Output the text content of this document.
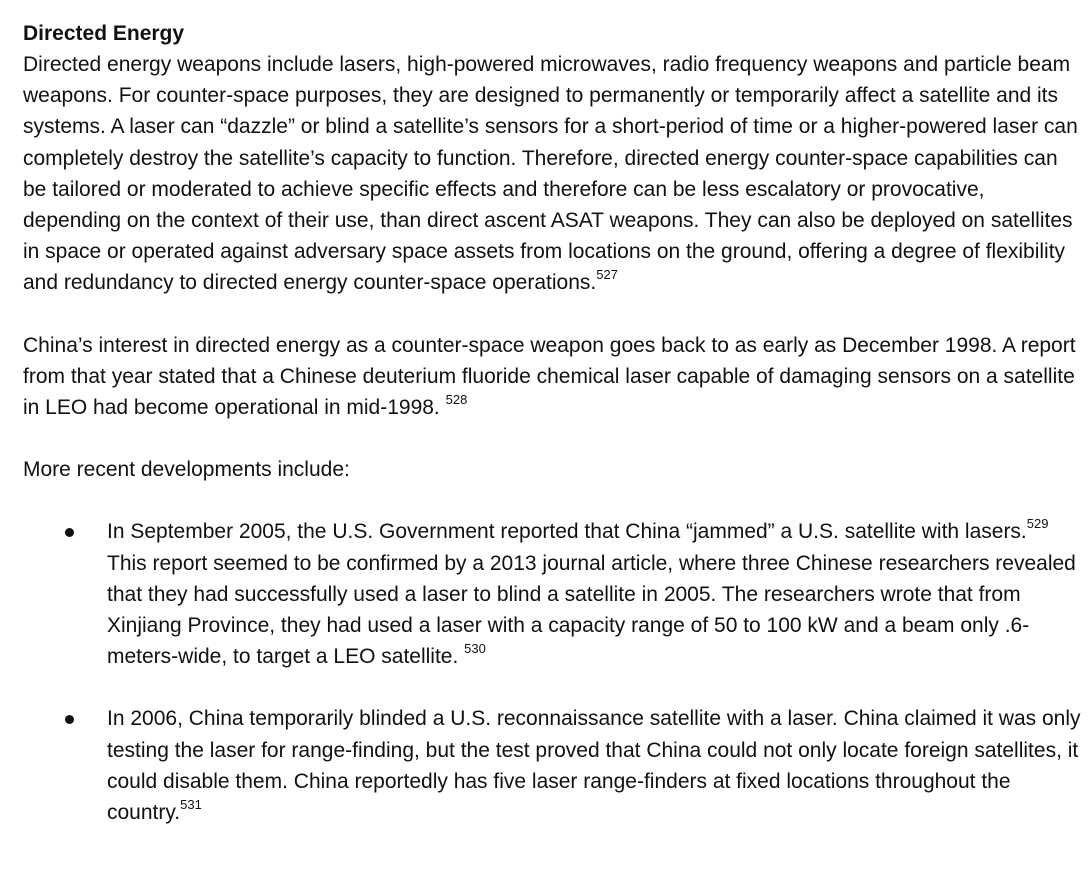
Directed Energy

Directed energy weapons include lasers, high-powered microwaves, radio frequency weapons and particle beam weapons. For counter-space purposes, they are designed to permanently or temporarily affect a satellite and its systems. A laser can “dazzle” or blind a satellite’s sensors for a short-period of time or a higher-powered laser can completely destroy the satellite’s capacity to function. Therefore, directed energy counter-space capabilities can be tailored or moderated to achieve specific effects and therefore can be less escalatory or provocative, depending on the context of their use, than direct ascent ASAT weapons. They can also be deployed on satellites in space or operated against adversary space assets from locations on the ground, offering a degree of flexibility and redundancy to directed energy counter-space operations.$^{527}$

China’s interest in directed energy as a counter-space weapon goes back to as early as December 1998. A report from that year stated that a Chinese deuterium fluoride chemical laser capable of damaging sensors on a satellite in LEO had become operational in mid-1998. $^{528}$

More recent developments include:

In September 2005, the U.S. Government reported that China “jammed” a U.S. satellite with lasers.$^{529}$ This report seemed to be confirmed by a 2013 journal article, where three Chinese researchers revealed that they had successfully used a laser to blind a satellite in 2005. The researchers wrote that from Xinjiang Province, they had used a laser with a capacity range of 50 to 100 kW and a beam only .6-meters-wide, to target a LEO satellite. $^{530}$
In 2006, China temporarily blinded a U.S. reconnaissance satellite with a laser. China claimed it was only testing the laser for range-finding, but the test proved that China could not only locate foreign satellites, it could disable them. China reportedly has five laser range-finders at fixed locations throughout the country.$^{531}$
